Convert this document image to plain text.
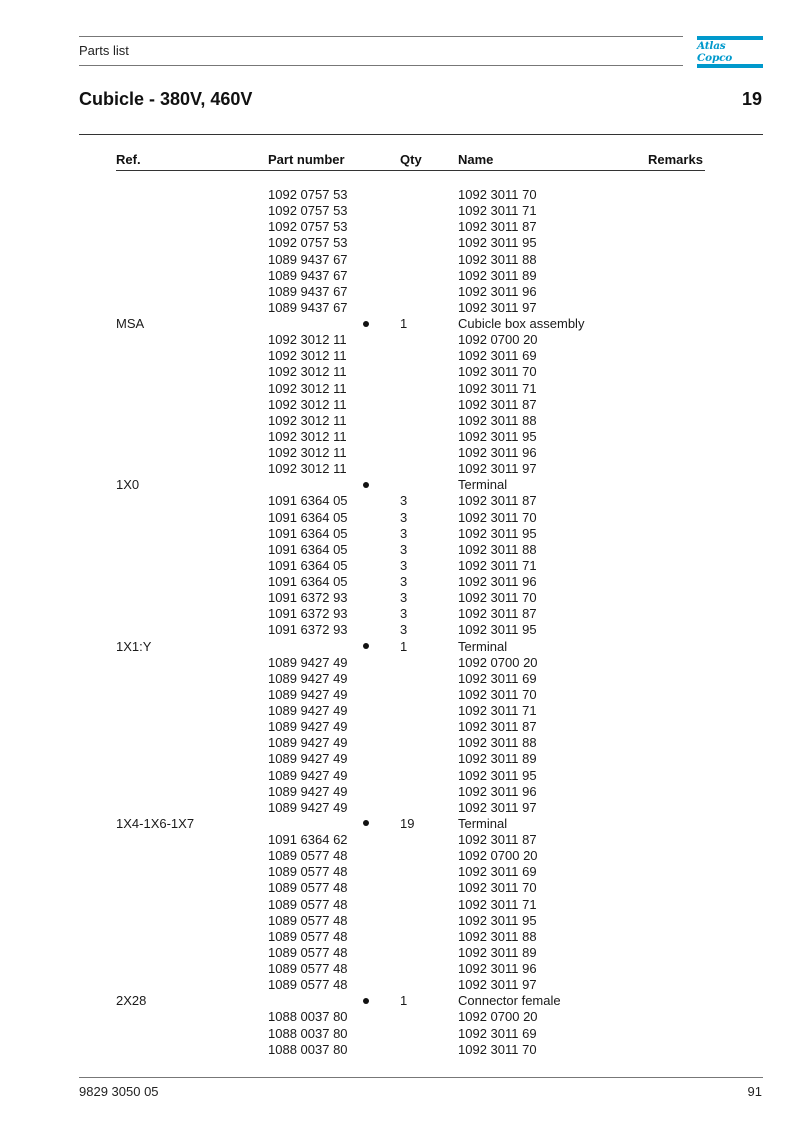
Parts list	Atlas Copco
Cubicle - 380V, 460V	19
Ref.	Part number	Qty	Name	Remarks
1092 0757 53	1092 3011 70
1092 0757 53	1092 3011 71
1092 0757 53	1092 3011 87
1092 0757 53	1092 3011 95
1089 9437 67	1092 3011 88
1089 9437 67	1092 3011 89
1089 9437 67	1092 3011 96
1089 9437 67	1092 3011 97
MSA	1	Cubicle box assembly
1092 3012 11	1092 0700 20
1092 3012 11	1092 3011 69
1092 3012 11	1092 3011 70
1092 3012 11	1092 3011 71
1092 3012 11	1092 3011 87
1092 3012 11	1092 3011 88
1092 3012 11	1092 3011 95
1092 3012 11	1092 3011 96
1092 3012 11	1092 3011 97
1X0	Terminal
1091 6364 05	3	1092 3011 87
1091 6364 05	3	1092 3011 70
1091 6364 05	3	1092 3011 95
1091 6364 05	3	1092 3011 88
1091 6364 05	3	1092 3011 71
1091 6364 05	3	1092 3011 96
1091 6372 93	3	1092 3011 70
1091 6372 93	3	1092 3011 87
1091 6372 93	3	1092 3011 95
1X1:Y	1	Terminal
1089 9427 49	1092 0700 20
1089 9427 49	1092 3011 69
1089 9427 49	1092 3011 70
1089 9427 49	1092 3011 71
1089 9427 49	1092 3011 87
1089 9427 49	1092 3011 88
1089 9427 49	1092 3011 89
1089 9427 49	1092 3011 95
1089 9427 49	1092 3011 96
1089 9427 49	1092 3011 97
1X4-1X6-1X7	19	Terminal
1091 6364 62	1092 3011 87
1089 0577 48	1092 0700 20
1089 0577 48	1092 3011 69
1089 0577 48	1092 3011 70
1089 0577 48	1092 3011 71
1089 0577 48	1092 3011 95
1089 0577 48	1092 3011 88
1089 0577 48	1092 3011 89
1089 0577 48	1092 3011 96
1089 0577 48	1092 3011 97
2X28	1	Connector female
1088 0037 80	1092 0700 20
1088 0037 80	1092 3011 69
1088 0037 80	1092 3011 70
9829 3050 05	91
